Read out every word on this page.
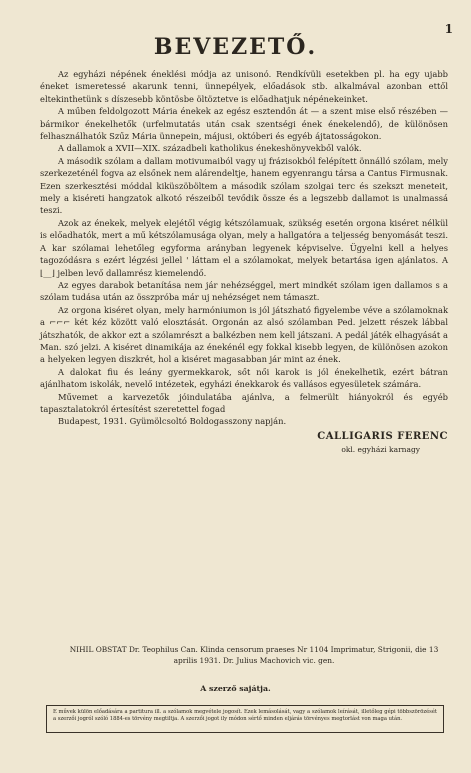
1
BEVEZETŐ.

Az egyházi népének éneklési módja az unisonó. Rendkívüli esetekben pl. ha egy ujabb éneket ismeretessé akarunk tenni, ünnepélyek, előadások stb. alkalmával azonban ettől eltekinthetünk s díszesebb köntösbe öltöztetve is előadhatjuk népénekeinket.

A műben feldolgozott Mária énekek az egész esztendőn át — a szent mise első részében — bármikor énekelhetők (urfelmutatás után csak szentségi ének énekelendő), de különösen felhasználhatók Szűz Mária ünnepein, májusi, októberi és egyéb ájtatosságokon.

A dallamok a XVII—XIX. századbeli katholikus énekeshönyvekből valók.

A második szólam a dallam motivumaiból vagy uj frázisokból felépített önnálló szólam, mely szerkezeténél fogva az elsőnek nem alárendeltje, hanem egyenrangu társa a Cantus Firmusnak. Ezen szerkesztési móddal kiküszöböltem a második szólam szolgai terc és szekszt meneteit, mely a kiséreti hangzatok alkotó részeiből tevődik össze és a legszebb dallamot is unalmassá teszi.

Azok az énekek, melyek elejétől végig kétszólamuak, szükség esetén orgona kiséret nélkül is előadhatók, mert a mű kétszólamusága olyan, mely a hallgatóra a teljesség benyomását teszi. A kar szólamai lehetőleg egyforma arányban legyenek képviselve. Ügyelni kell a helyes tagozódásra s ezért légzési jellel ' láttam el a szólamokat, melyek betartása igen ajánlatos. A ⌊__⌋ jelben levő dallamrész kiemelendő.

Az egyes darabok betanítása nem jár nehézséggel, mert mindkét szólam igen dallamos s a szólam tudása után az összpróba már uj nehézséget nem támaszt.

Az orgona kiséret olyan, mely harmóniumon is jól játszható figyelembe véve a szólamoknak a ⌐⌐⌐ két kéz között való elosztását. Orgonán az alsó szólamban Ped. jelzett részek lábbal játszhatók, de akkor ezt a szólamrészt a balkézben nem kell játszani. A pedál játék elhagyását a Man. szó jelzi. A kiséret dinamikája az énekénél egy fokkal kisebb legyen, de különösen azokon a helyeken legyen diszkrét, hol a kiséret magasabban jár mint az ének.

A dalokat fiu és leány gyermekkarok, sőt női karok is jól énekelhetik, ezért bátran ajánlhatom iskolák, nevelő intézetek, egyházi énekkarok és vallásos egyesületek számára.

Művemet a karvezetők jóindulatába ajánlva, a felmerült hiányokról és egyéb tapasztalatokról értesítést szeretettel fogad

Budapest, 1931. Gyümölcsoltó Boldogasszony napján.

CALLIGARIS FERENC
okl. egyházi karnagy
NIHIL OBSTAT Dr. Teophilus Can. Klinda censorum praeses Nr 1104 Imprimatur, Strigonii, die 13 aprilis 1931. Dr. Julius Machovich vic. gen.
A szerző sajátja.
E művek külön előadására a partitura ill. a szólamok megvétele jogosít. Ezek lemásolását, vagy a szólamok leírását, illetőleg gépi többszörözését a szerzői jogról szóló 1884-es törvény megtiltja. A szerzői jogot ily módon sértő minden eljárás törvényes megtorlást von maga után.
